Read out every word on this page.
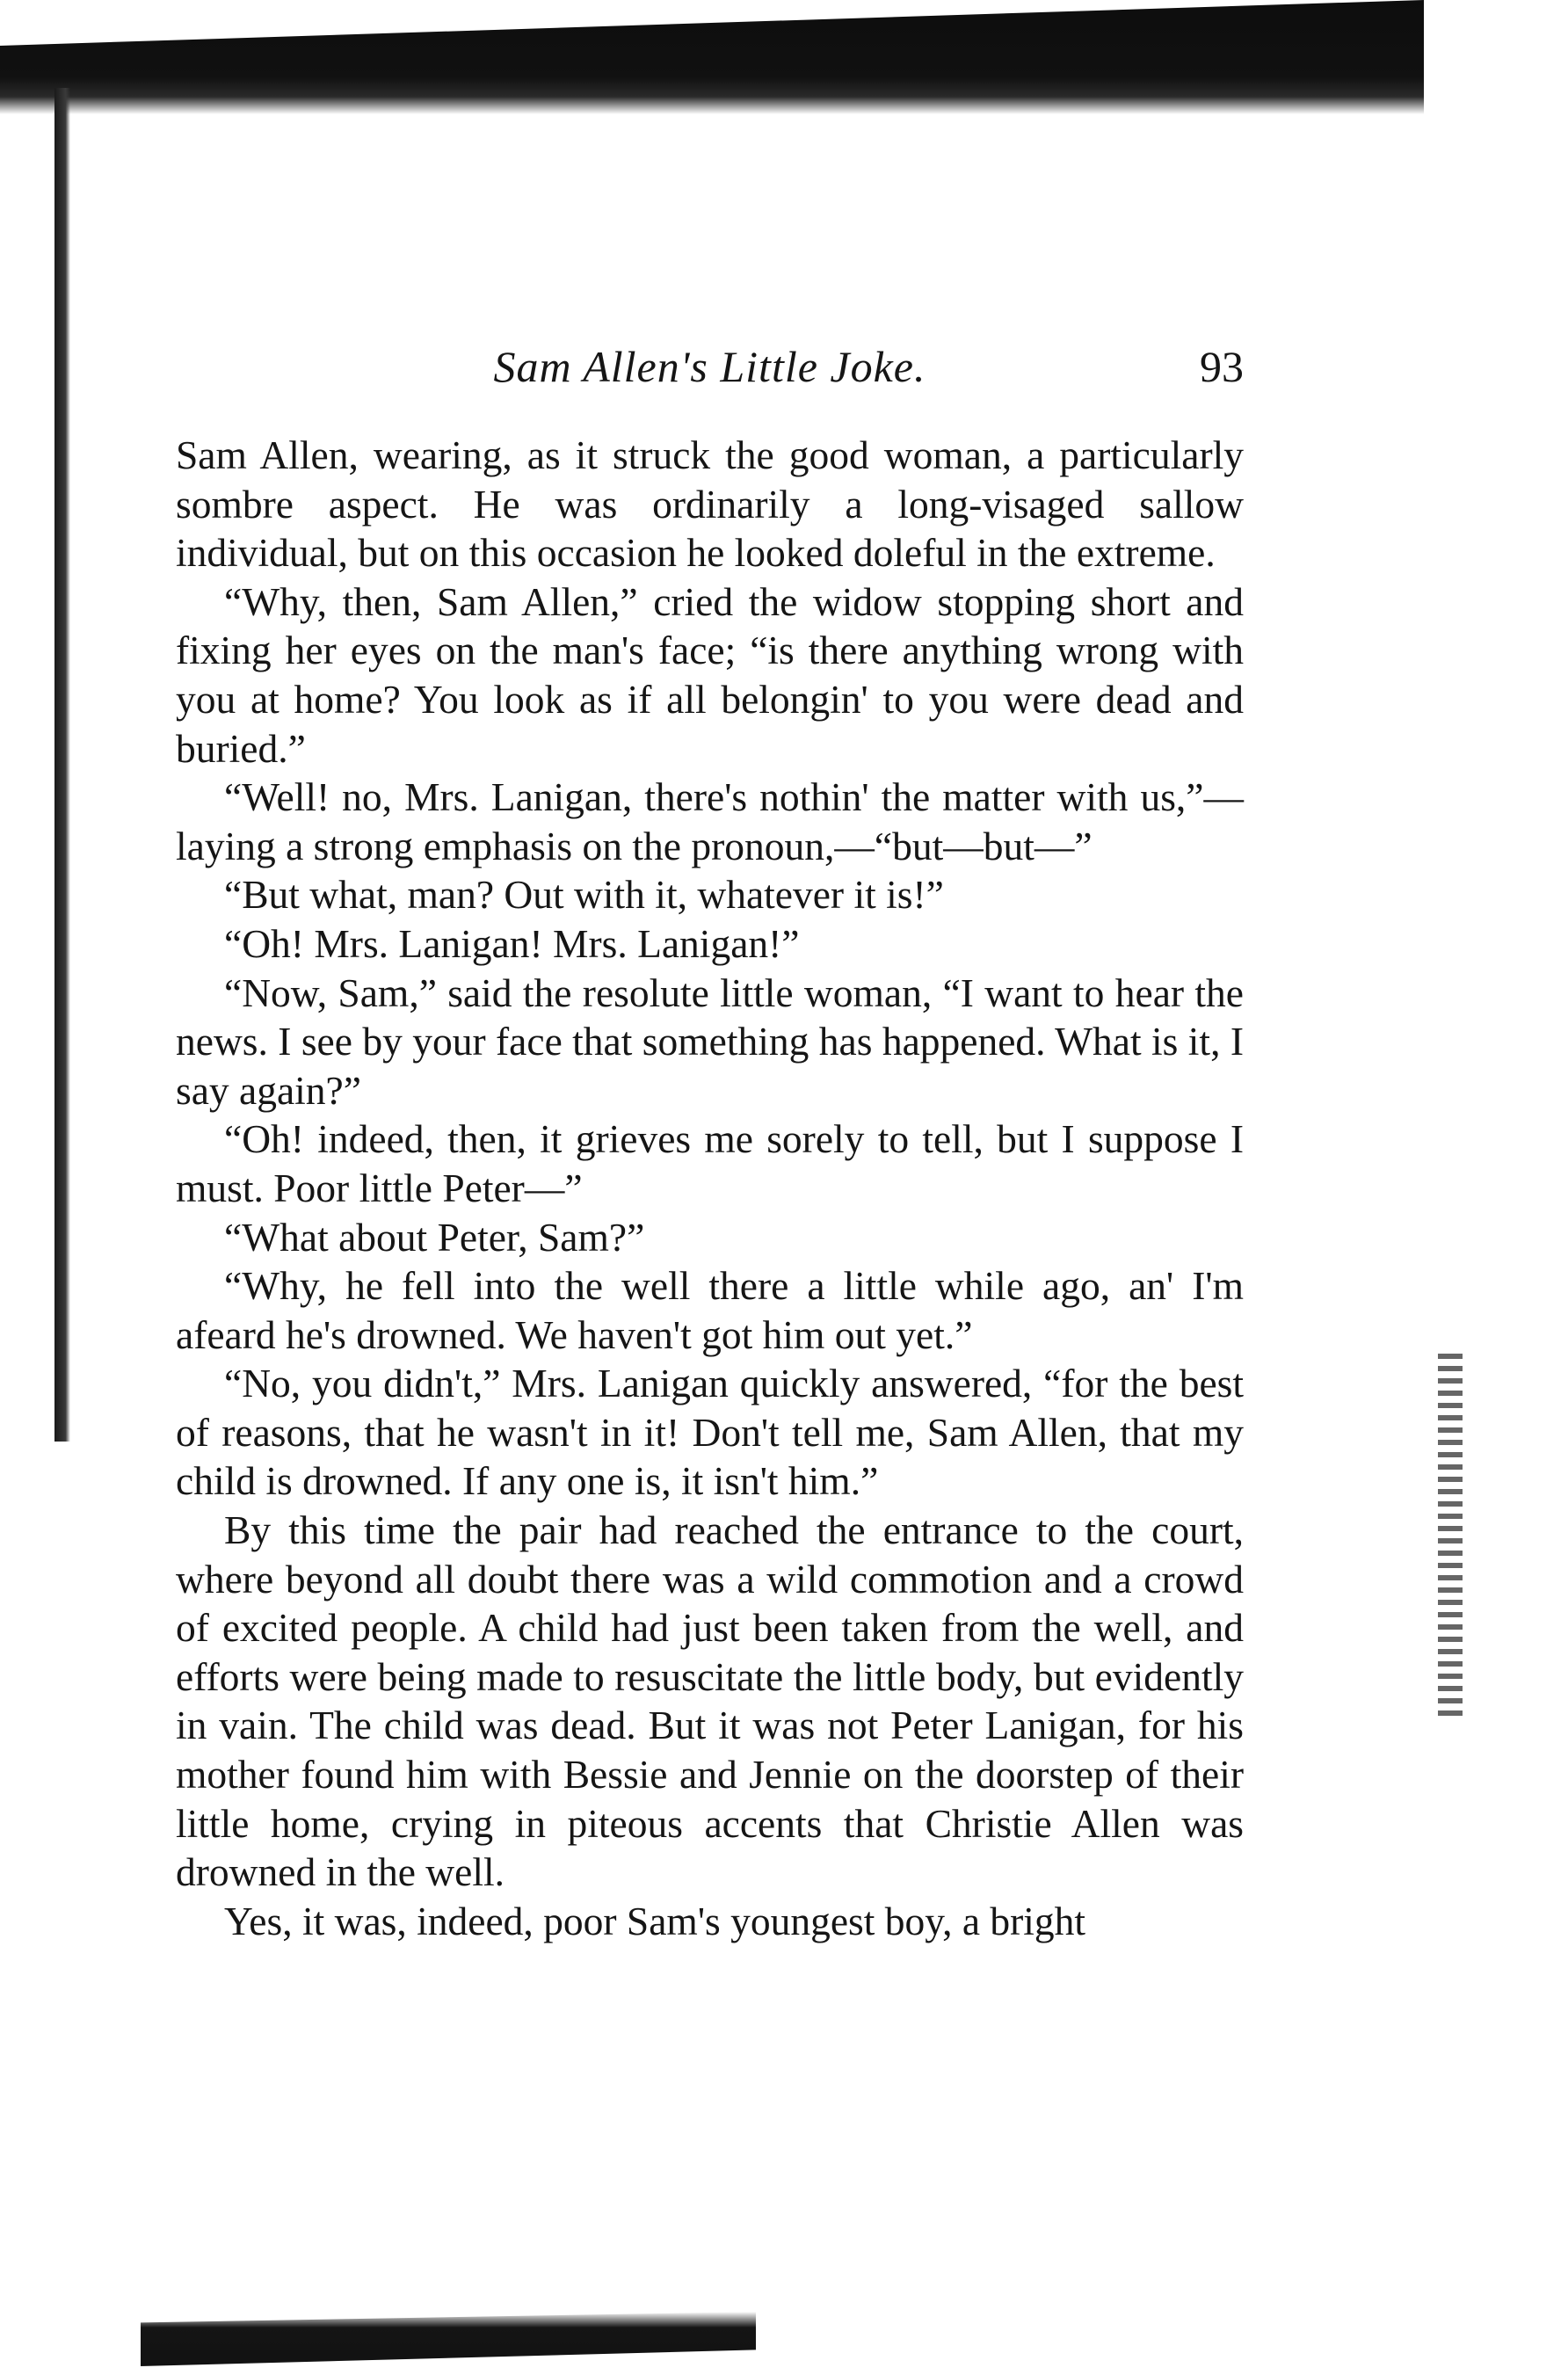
Sam Allen's Little Joke.	93

Sam Allen, wearing, as it struck the good woman, a particularly sombre aspect. He was ordinarily a long-visaged sallow individual, but on this occasion he looked doleful in the extreme.

“Why, then, Sam Allen,” cried the widow stopping short and fixing her eyes on the man's face; “is there anything wrong with you at home? You look as if all belongin' to you were dead and buried.”

“Well! no, Mrs. Lanigan, there's nothin' the matter with us,”—laying a strong emphasis on the pronoun,—“but—but—”

“But what, man? Out with it, whatever it is!”

“Oh! Mrs. Lanigan! Mrs. Lanigan!”

“Now, Sam,” said the resolute little woman, “I want to hear the news. I see by your face that something has happened. What is it, I say again?”

“Oh! indeed, then, it grieves me sorely to tell, but I suppose I must. Poor little Peter—”

“What about Peter, Sam?”

“Why, he fell into the well there a little while ago, an' I'm afeard he's drowned. We haven't got him out yet.”

“No, you didn't,” Mrs. Lanigan quickly answered, “for the best of reasons, that he wasn't in it! Don't tell me, Sam Allen, that my child is drowned. If any one is, it isn't him.”

By this time the pair had reached the entrance to the court, where beyond all doubt there was a wild commotion and a crowd of excited people. A child had just been taken from the well, and efforts were being made to resuscitate the little body, but evidently in vain. The child was dead. But it was not Peter Lanigan, for his mother found him with Bessie and Jennie on the doorstep of their little home, crying in piteous accents that Christie Allen was drowned in the well.

Yes, it was, indeed, poor Sam's youngest boy, a bright
